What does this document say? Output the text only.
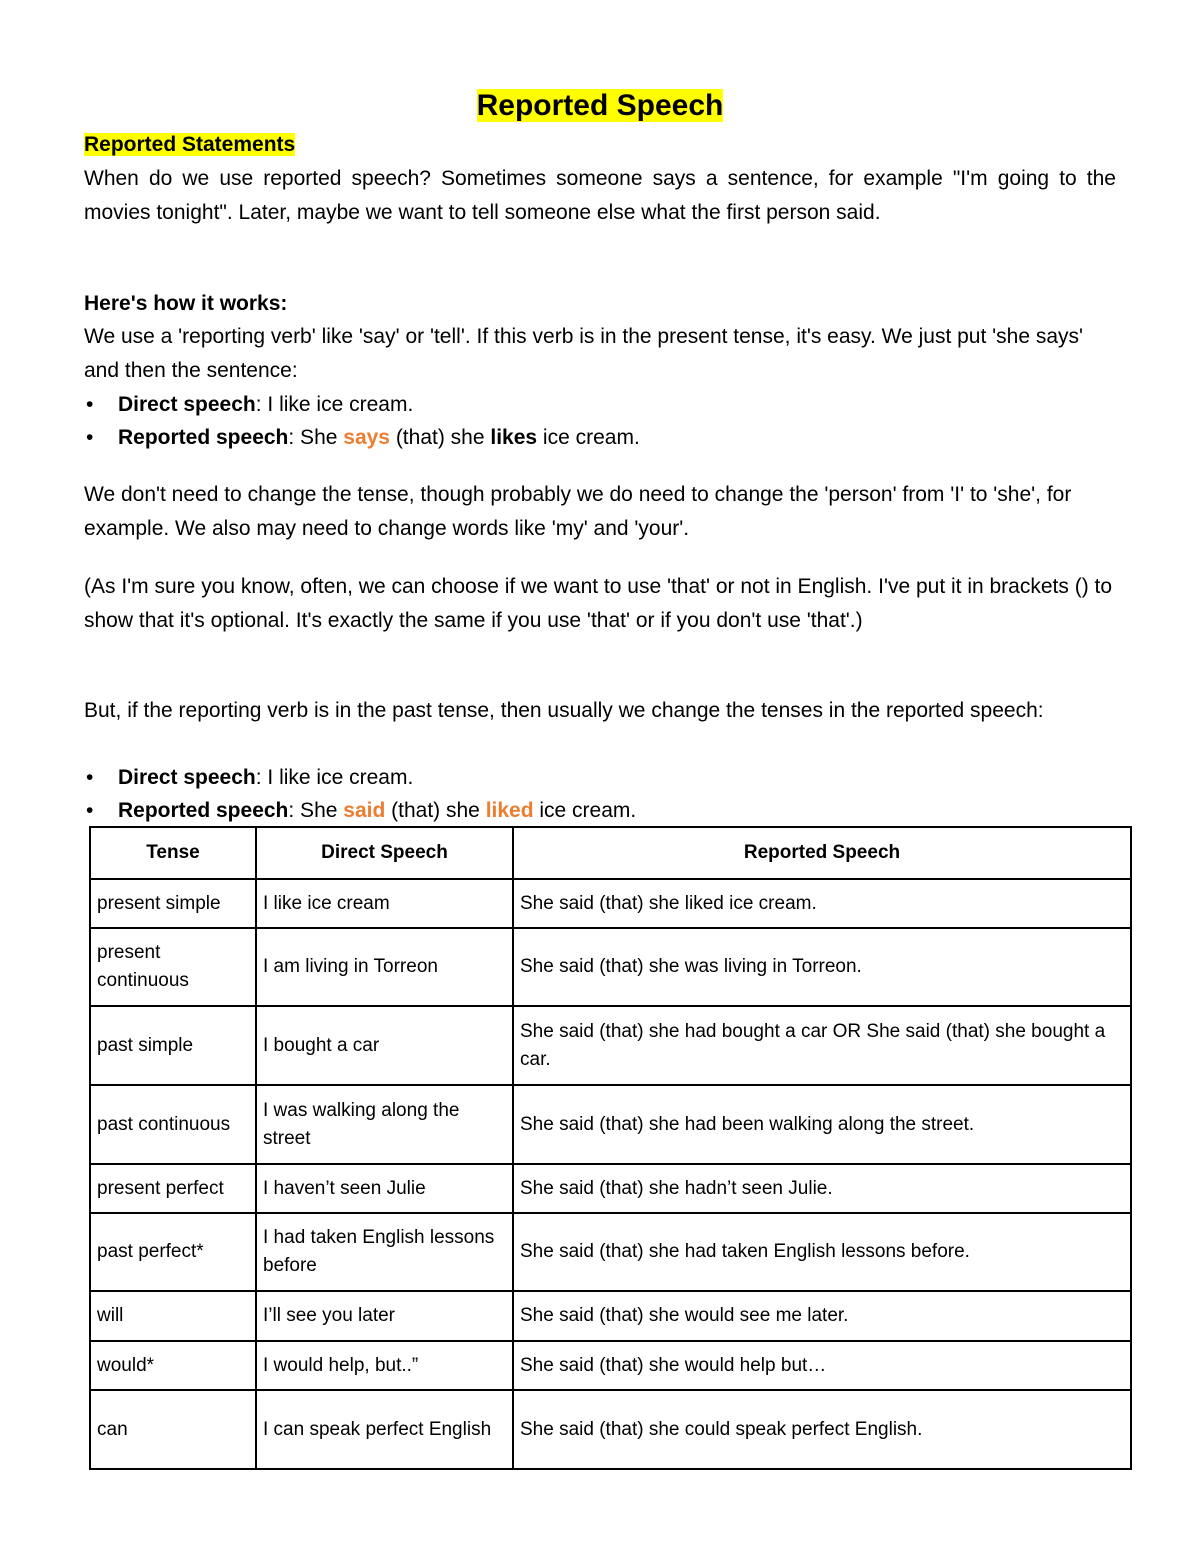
Reported Speech
Reported Statements

When do we use reported speech? Sometimes someone says a sentence, for example "I'm going to the movies tonight". Later, maybe we want to tell someone else what the first person said.

Here's how it works:

We use a 'reporting verb' like 'say' or 'tell'. If this verb is in the present tense, it's easy. We just put 'she says' and then the sentence:

• Direct speech: I like ice cream.
• Reported speech: She says (that) she likes ice cream.

We don't need to change the tense, though probably we do need to change the 'person' from 'I' to 'she', for example. We also may need to change words like 'my' and 'your'.

(As I'm sure you know, often, we can choose if we want to use 'that' or not in English. I've put it in brackets () to show that it's optional. It's exactly the same if you use 'that' or if you don't use 'that'.)

But, if the reporting verb is in the past tense, then usually we change the tenses in the reported speech:

• Direct speech: I like ice cream.
• Reported speech: She said (that) she liked ice cream.
Tense	Direct Speech	Reported Speech
present simple	I like ice cream	She said (that) she liked ice cream.
present continuous	I am living in Torreon	She said (that) she was living in Torreon.
past simple	I bought a car	She said (that) she had bought a car OR She said (that) she bought a car.
past continuous	I was walking along the street	She said (that) she had been walking along the street.
present perfect	I haven’t seen Julie	She said (that) she hadn’t seen Julie.
past perfect*	I had taken English lessons before	She said (that) she had taken English lessons before.
will	I’ll see you later	She said (that) she would see me later.
would*	I would help, but..”	She said (that) she would help but…
can	I can speak perfect English	She said (that) she could speak perfect English.
